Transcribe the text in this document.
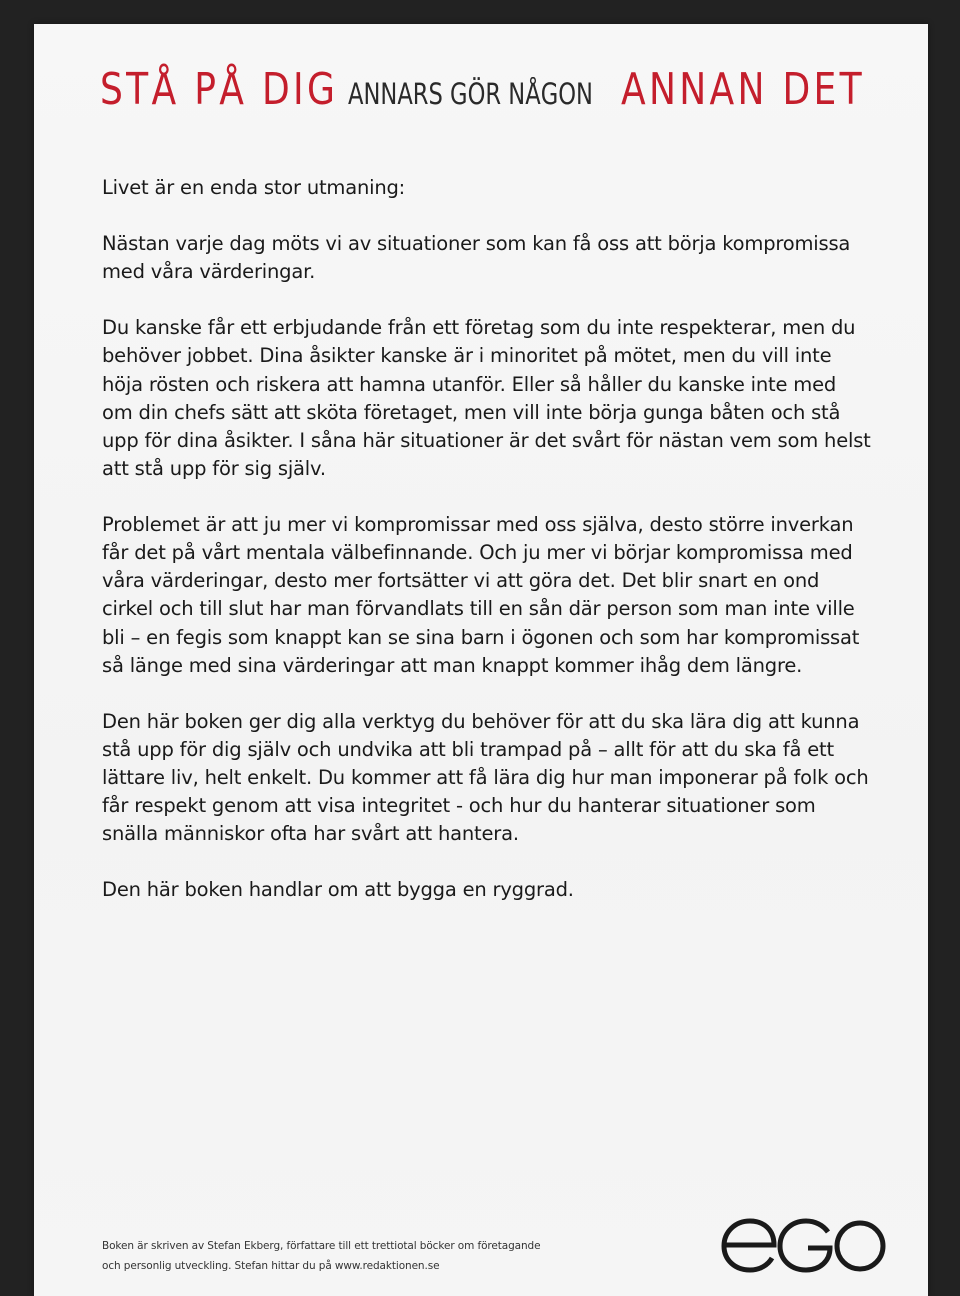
STÅ PÅ DIG ANNARS GÖR NÅGON ANNAN DET

Livet är en enda stor utmaning:

Nästan varje dag möts vi av situationer som kan få oss att börja kompromissa med våra värderingar.

Du kanske får ett erbjudande från ett företag som du inte respekterar, men du behöver jobbet. Dina åsikter kanske är i minoritet på mötet, men du vill inte höja rösten och riskera att hamna utanför. Eller så håller du kanske inte med om din chefs sätt att sköta företaget, men vill inte börja gunga båten och stå upp för dina åsikter. I såna här situationer är det svårt för nästan vem som helst att stå upp för sig själv.

Problemet är att ju mer vi kompromissar med oss själva, desto större inverkan får det på vårt mentala välbefinnande. Och ju mer vi börjar kompromissa med våra värderingar, desto mer fortsätter vi att göra det. Det blir snart en ond cirkel och till slut har man förvandlats till en sån där person som man inte ville bli – en fegis som knappt kan se sina barn i ögonen och som har kompromissat så länge med sina värderingar att man knappt kommer ihåg dem längre.

Den här boken ger dig alla verktyg du behöver för att du ska lära dig att kunna stå upp för dig själv och undvika att bli trampad på – allt för att du ska få ett lättare liv, helt enkelt. Du kommer att få lära dig hur man imponerar på folk och får respekt genom att visa integritet - och hur du hanterar situationer som snälla människor ofta har svårt att hantera.

Den här boken handlar om att bygga en ryggrad.

Boken är skriven av Stefan Ekberg, författare till ett trettiotal böcker om företagande
och personlig utveckling. Stefan hittar du på www.redaktionen.se
